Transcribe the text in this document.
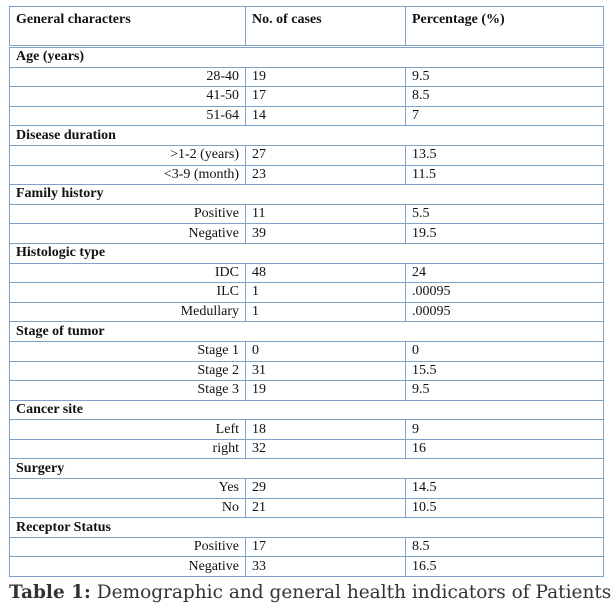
General characters	No. of cases	Percentage (%)
Age (years)		
28-40	19	9.5
41-50	17	8.5
51-64	14	7
Disease duration		
>1-2 (years)	27	13.5
<3-9 (month)	23	11.5
Family history		
Positive	11	5.5
Negative	39	19.5
Histologic type		
IDC	48	24
ILC	1	.00095
Medullary	1	.00095
Stage of tumor		
Stage 1	0	0
Stage 2	31	15.5
Stage 3	19	9.5
Cancer site		
Left	18	9
right	32	16
Surgery		
Yes	29	14.5
No	21	10.5
Receptor Status		
Positive	17	8.5
Negative	33	16.5
Table 1: Demographic and general health indicators of Patients
